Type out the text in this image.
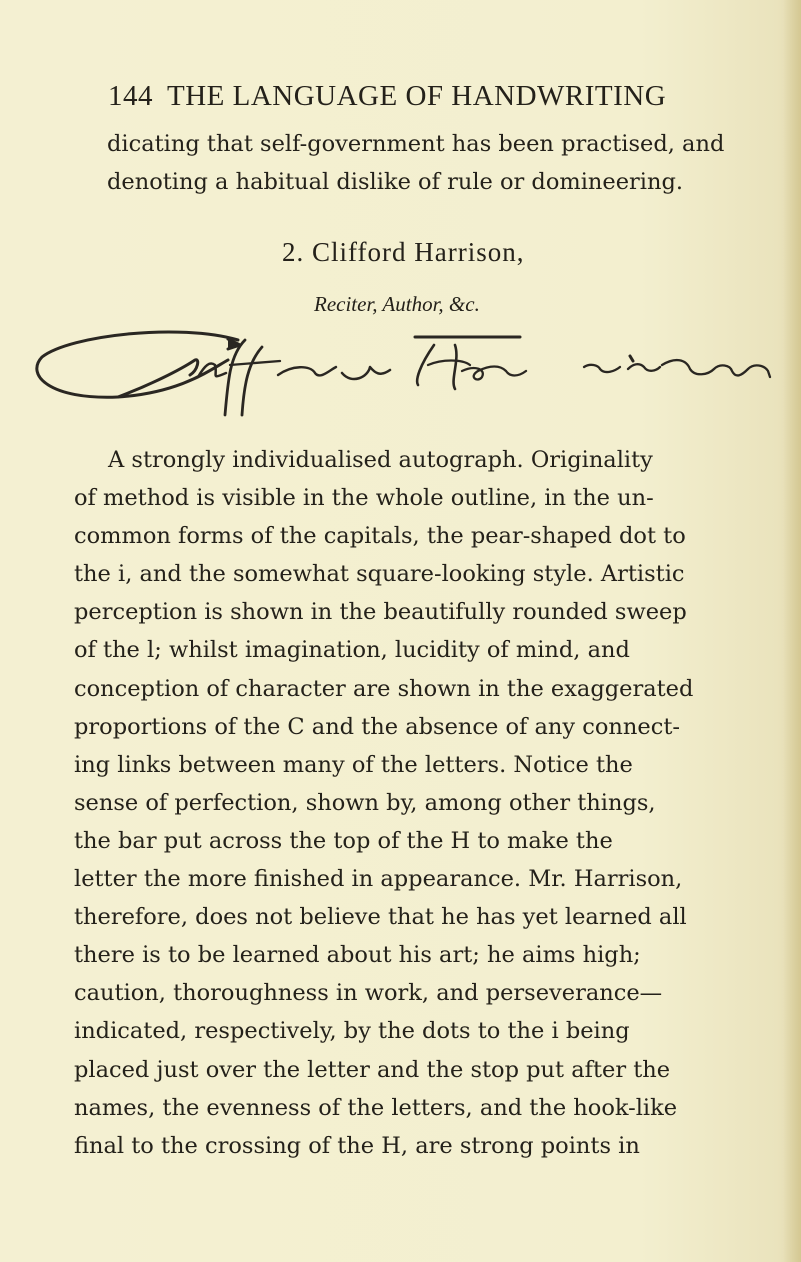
144 THE LANGUAGE OF HANDWRITING
dicating that self-government has been practised, and
denoting a habitual dislike of rule or domineering.
2. Clifford Harrison,
Reciter, Author, &c.
A strongly individualised autograph. Originality
of method is visible in the whole outline, in the un-
common forms of the capitals, the pear-shaped dot to
the i, and the somewhat square-looking style. Artistic
perception is shown in the beautifully rounded sweep
of the l; whilst imagination, lucidity of mind, and
conception of character are shown in the exaggerated
proportions of the C and the absence of any connect-
ing links between many of the letters. Notice the
sense of perfection, shown by, among other things,
the bar put across the top of the H to make the
letter the more finished in appearance. Mr. Harrison,
therefore, does not believe that he has yet learned all
there is to be learned about his art; he aims high;
caution, thoroughness in work, and perseverance—
indicated, respectively, by the dots to the i being
placed just over the letter and the stop put after the
names, the evenness of the letters, and the hook-like
final to the crossing of the H, are strong points in
